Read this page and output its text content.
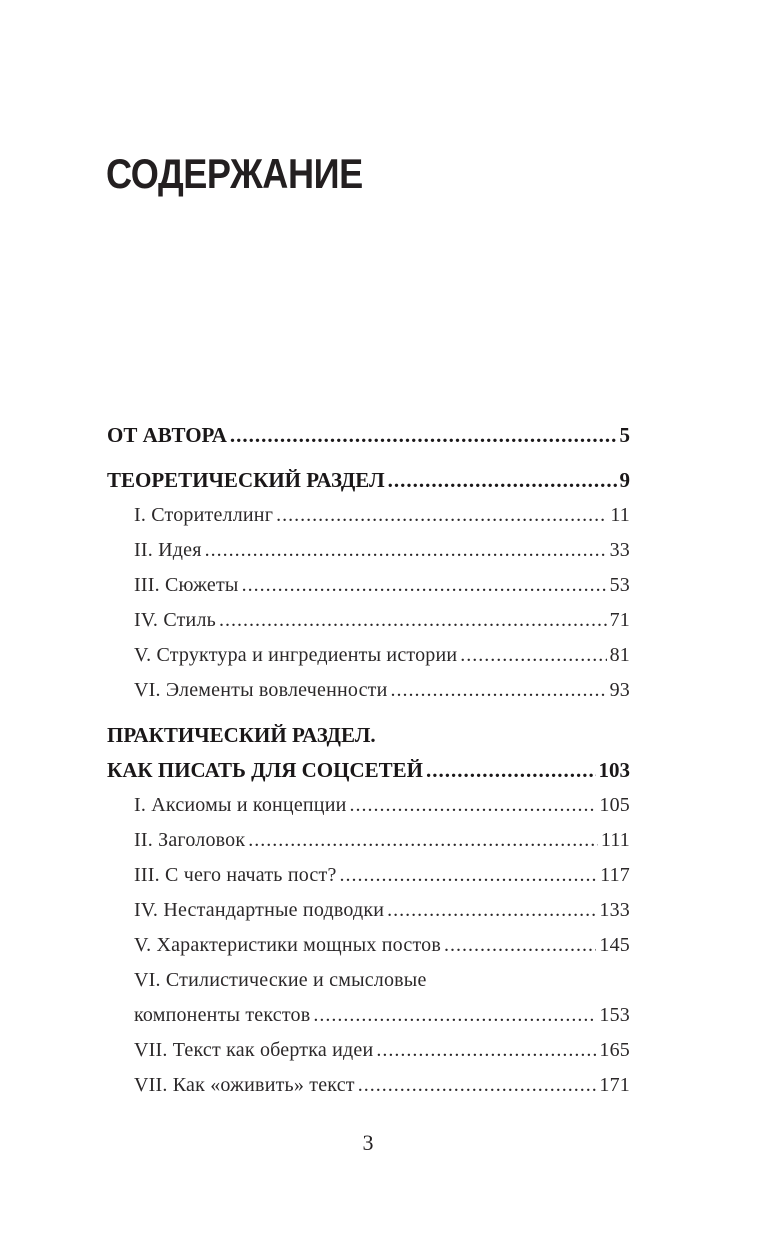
СОДЕРЖАНИЕ
ОТ АВТОРА .....	5
ТЕОРЕТИЧЕСКИЙ РАЗДЕЛ .....	9
I. Сторителлинг .....	11
II. Идея .....	33
III. Сюжеты .....	53
IV. Стиль .....	71
V. Структура и ингредиенты истории .....	81
VI. Элементы вовлеченности .....	93
ПРАКТИЧЕСКИЙ РАЗДЕЛ.
КАК ПИСАТЬ ДЛЯ СОЦСЕТЕЙ .....	103
I. Аксиомы и концепции .....	105
II. Заголовок .....	111
III. С чего начать пост? .....	117
IV. Нестандартные подводки .....	133
V. Характеристики мощных постов .....	145
VI. Стилистические и смысловые
компоненты текстов .....	153
VII. Текст как обертка идеи .....	165
VII. Как «оживить» текст .....	171
3
